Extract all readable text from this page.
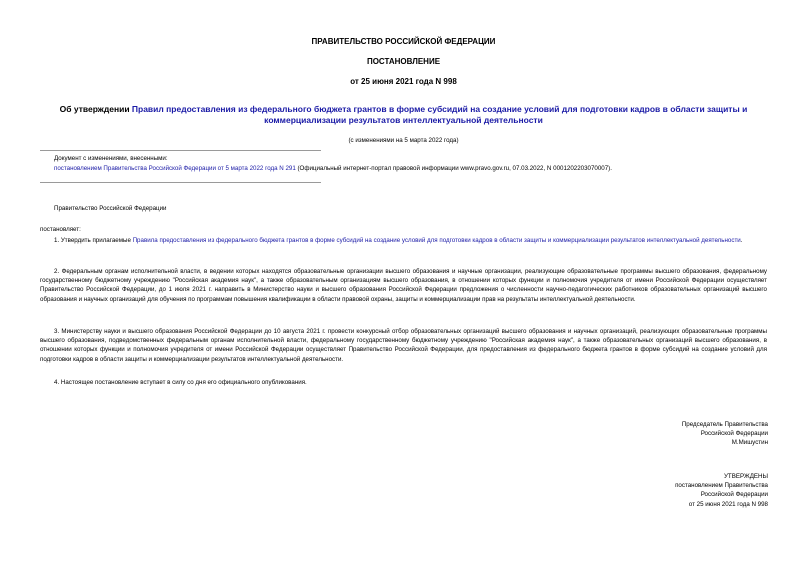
ПРАВИТЕЛЬСТВО РОССИЙСКОЙ ФЕДЕРАЦИИ
ПОСТАНОВЛЕНИЕ
от 25 июня 2021 года N 998
Об утверждении Правил предоставления из федерального бюджета грантов в форме субсидий на создание условий для подготовки кадров в области защиты и коммерциализации результатов интеллектуальной деятельности
(с изменениями на 5 марта 2022 года)
Документ с изменениями, внесенными:
постановлением Правительства Российской Федерации от 5 марта 2022 года N 291 (Официальный интернет-портал правовой информации www.pravo.gov.ru, 07.03.2022, N 0001202203070007).
Правительство Российской Федерации
постановляет:
1. Утвердить прилагаемые Правила предоставления из федерального бюджета грантов в форме субсидий на создание условий для подготовки кадров в области защиты и коммерциализации результатов интеллектуальной деятельности.
2. Федеральным органам исполнительной власти, в ведении которых находятся образовательные организации высшего образования и научные организации, реализующие образовательные программы высшего образования, федеральному государственному бюджетному учреждению "Российская академия наук", а также образовательным организациям высшего образования, в отношении которых функции и полномочия учредителя от имени Российской Федерации осуществляет Правительство Российской Федерации, до 1 июля 2021 г. направить в Министерство науки и высшего образования Российской Федерации предложения о численности научно-педагогических работников образовательных организаций высшего образования и научных организаций для обучения по программам повышения квалификации в области правовой охраны, защиты и коммерциализации прав на результаты интеллектуальной деятельности.
3. Министерству науки и высшего образования Российской Федерации до 10 августа 2021 г. провести конкурсный отбор образовательных организаций высшего образования и научных организаций, реализующих образовательные программы высшего образования, подведомственных федеральным органам исполнительной власти, федеральному государственному бюджетному учреждению "Российская академия наук", а также образовательных организаций высшего образования, в отношении которых функции и полномочия учредителя от имени Российской Федерации осуществляет Правительство Российской Федерации, для предоставления из федерального бюджета грантов в форме субсидий на создание условий для подготовки кадров в области защиты и коммерциализации результатов интеллектуальной деятельности.
4. Настоящее постановление вступает в силу со дня его официального опубликования.
Председатель Правительства
Российской Федерации
М.Мишустин
УТВЕРЖДЕНЫ
постановлением Правительства
Российской Федерации
от 25 июня 2021 года N 998
